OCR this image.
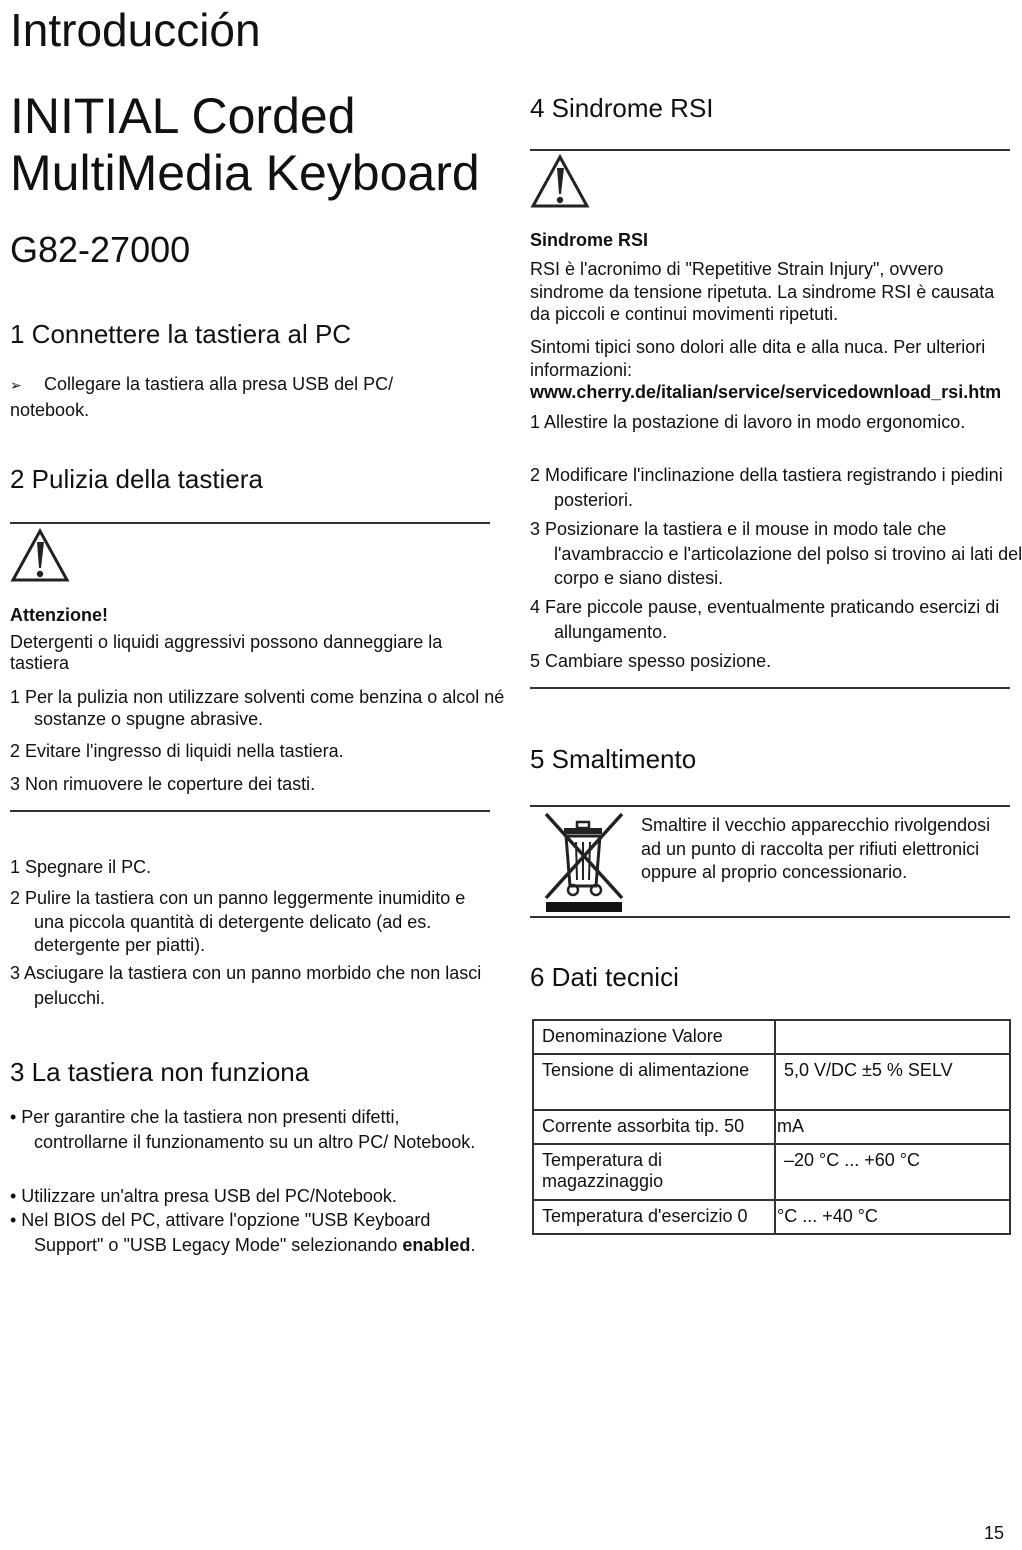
Introducción
INITIAL Corded MultiMedia Keyboard
G82-27000
1 Connettere la tastiera al PC
➢ Collegare la tastiera alla presa USB del PC/ notebook.
2 Pulizia della tastiera
Attenzione!
Detergenti o liquidi aggressivi possono danneggiare la tastiera
1 Per la pulizia non utilizzare solventi come benzina o alcol né sostanze o spugne abrasive.
2 Evitare l'ingresso di liquidi nella tastiera.
3 Non rimuovere le coperture dei tasti.
1 Spegnare il PC.
2 Pulire la tastiera con un panno leggermente inumidito e una piccola quantità di detergente delicato (ad es. detergente per piatti).
3 Asciugare la tastiera con un panno morbido che non lasci pelucchi.
3 La tastiera non funziona
• Per garantire che la tastiera non presenti difetti, controllarne il funzionamento su un altro PC/ Notebook.
• Utilizzare un'altra presa USB del PC/Notebook.
• Nel BIOS del PC, attivare l'opzione "USB Keyboard Support" o "USB Legacy Mode" selezionando enabled.
4 Sindrome RSI
Sindrome RSI
RSI è l'acronimo di "Repetitive Strain Injury", ovvero sindrome da tensione ripetuta. La sindrome RSI è causata da piccoli e continui movimenti ripetuti.
Sintomi tipici sono dolori alle dita e alla nuca. Per ulteriori informazioni: www.cherry.de/italian/service/servicedownload_rsi.htm
1 Allestire la postazione di lavoro in modo ergonomico.
2 Modificare l'inclinazione della tastiera registrando i piedini posteriori.
3 Posizionare la tastiera e il mouse in modo tale che l'avambraccio e l'articolazione del polso si trovino ai lati del corpo e siano distesi.
4 Fare piccole pause, eventualmente praticando esercizi di allungamento.
5 Cambiare spesso posizione.
5 Smaltimento
Smaltire il vecchio apparecchio rivolgendosi ad un punto di raccolta per rifiuti elettronici oppure al proprio concessionario.
6 Dati tecnici
Denominazione Valore	
Tensione di alimentazione	5,0 V/DC ±5 % SELV
Corrente assorbita tip. 50	mA
Temperatura di magazzinaggio	–20 °C ... +60 °C
Temperatura d'esercizio 0	°C ... +40 °C
15
